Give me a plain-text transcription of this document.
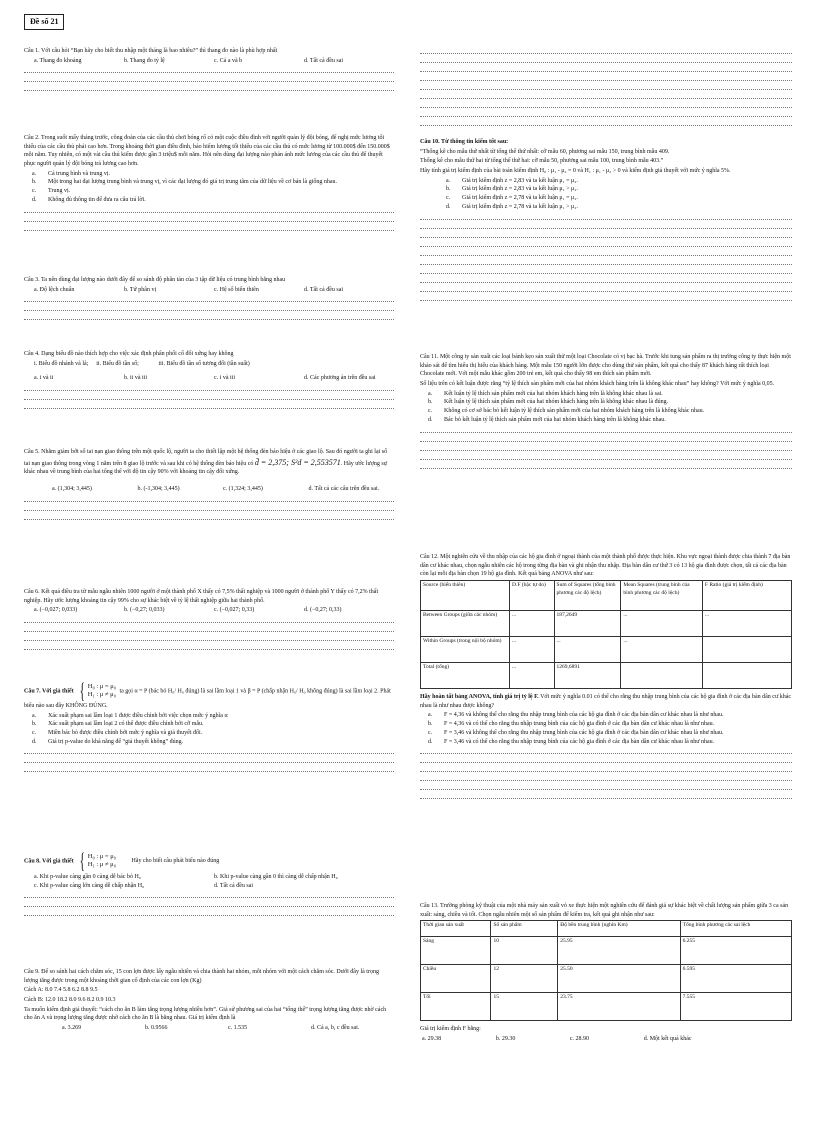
Đề số 21

Câu 1. Với câu hỏi “Bạn hãy cho biết thu nhập một tháng là bao nhiêu?” thì thang đo nào là phù hợp nhất

a. Thang đo khoảng	b. Thang đo tỷ lệ	c. Cả a và b	d. Tất cả đều sai

Câu 2. Trong suốt mấy tháng trước, công đoàn của các cầu thủ chơi bóng rổ có một cuộc điều đình với người quản lý đội bóng, để nghị mức lương tối thiểu của các cầu thủ phải cao hơn. Trong khoảng thời gian điều đình, bảo hiểm lương tối thiểu của các cầu thủ có mức lương từ 100.000$ đến 150.000$ mỗi năm. Tuy nhiên, có một vài cầu thủ kiếm được gần 3 triệu$ mỗi năm. Hỏi nên dùng đại lượng nào phản ánh mức lương của các cầu thủ để thuyết phục người quản lý đội bóng trả lương cao hơn.

a.	Cả trung bình và trung vị.
b.	Một trong hai đại lượng trung bình và trung vị, vì các đại lượng đó giá trị trung tâm của dữ liệu về cơ bản là giống nhau.
c.	Trung vị.
d.	Không đủ thông tin để đưa ra câu trả lời.

Câu 3. Ta nên dùng đại lượng nào dưới đây để so sánh độ phân tán của 3 tập dữ liệu có trung bình bằng nhau

a. Độ lệch chuẩn	b. Tứ phân vị	c. Hệ số biến thiên	d. Tất cả đều sai

Câu 4. Dạng biểu đồ nào thích hợp cho việc xác định phân phối cố đối xứng hay không

i. Biểu đồ nhánh và lá;	ii. Biểu đồ tần số;	iii. Biểu đồ tần số tương đối (tần suất)
a. i và ii	b. ii và iii	c. i và iii	d. Các phương án trên đều sai

Câu 5. Nhằm giảm bớt số tai nạn giao thông trên một quốc lộ, người ta cho thiết lập một hệ thống đèn báo hiệu ở các giao lộ. Sau đó người ta ghi lại số tai nạn giao thông trong vòng 1 năm trên 8 giao lộ trước và sau khi có hệ thống đèn báo hiệu có d̄ = 2,375; S²d = 2,553571. Hãy ước lượng sự khác nhau về trung bình của hai tổng thể với độ tin cậy 90% với khoảng tin cậy đối xứng.

a. (1,304; 3,445)	b. (-1,304; 3,445)	c. (1,324; 3,445)	d. Tất cả các câu trên đều sai.

Câu 6. Kết quả điều tra từ mẫu ngẫu nhiên 1000 người ở một thành phố X thấy có 7,5% thất nghiệp và 1000 người ở thành phố Y thấy có 7,2% thất nghiệp. Hãy ước lượng khoảng tin cậy 99% cho sự khác biệt về tỷ lệ thất nghiệp giữa hai thành phố.

a. (−0,027; 0,033)	b. (−0,27; 0,033)	c. (−0,027; 0,33)	d. (−0,27; 0,33)

Câu 7. Với giả thiết { H₀ : μ = μ₀
H₁ : μ ≠ μ₀ ta gọi α = P (bác bỏ H₀/ H₀ đúng) là sai lầm loại 1 và β = P (chấp nhận H₀/ H₀ không đúng) là sai lầm loại 2. Phát biểu nào sau đây KHÔNG ĐÚNG.

a.	Xác suất phạm sai lầm loại 1 được điều chỉnh bởi việc chọn mức ý nghĩa α
b.	Xác suất phạm sai lầm loại 2 có thể được điều chỉnh bởi cỡ mẫu.
c.	Miền bác bỏ được điều chỉnh bởi mức ý nghĩa và giả thuyết đối.
d.	Giá trị p-value do khả năng để “giả thuyết không” đúng.

Câu 8. Với giả thiết { H₀ : μ = μ₀
H₁ : μ ≠ μ₀	Hãy cho biết câu phát biểu nào đúng

a. Khi p-value càng gần 0 càng dễ bác bỏ H₀	b. Khi p-value càng gần 0 thì càng dễ chấp nhận H₀
c. Khi p-value càng lớn càng dễ chấp nhận H₀	d. Tất cả đều sai

Câu 9. Để so sánh hai cách chăm sóc, 15 con lợn được lấy ngẫu nhiên và chia thành hai nhóm, mỗi nhóm với một cách chăm sóc. Dưới đây là trọng lượng tăng được trong một khoảng thời gian cố định của các con lợn (Kg)

Cách A: 8.0 7.4 5.8 6.2 8.8 9.5

Cách B: 12.0 18.2 8.0 9.6 8.2 0.9 10.3

Ta muốn kiểm định giả thuyết: “cách cho ăn B làm tăng trọng lượng nhiều hơn”. Giả sử phương sai của hai “tổng thể” trọng lượng tăng được nhờ cách cho ăn A và trọng lượng tăng được nhờ cách cho ăn B là bằng nhau. Giá trị kiểm định là

a. 3.269	b. 0.9566	c. 1.535	d. Cả a, b, c đều sai.

Câu 10. Từ thông tin kiểm tốt sau:

“Thống kê cho mẫu thứ nhất từ tổng thể thứ nhất: cỡ mẫu 60, phương sai mẫu 150, trung bình mẫu 409.

Thống kê cho mẫu thứ hai từ tổng thể thứ hai: cỡ mẫu 50, phương sai mẫu 100, trung bình mẫu 403.”

Hãy tính giá trị kiểm định của bài toán kiểm định H₀ : μ₁ - μ₂ = 0 và H₁ : μ₁ - μ₂ > 0 và kiểm định giả thuyết với mức ý nghĩa 5%.

a.	Giá trị kiểm định z = 2,83 và ta kết luận μ₁ = μ₂.
b.	Giá trị kiểm định z = 2,83 và ta kết luận μ₁ > μ₂.
c.	Giá trị kiểm định z = 2,78 và ta kết luận μ₁ = μ₂.
d.	Giá trị kiểm định z = 2,78 và ta kết luận μ₁ > μ₂.

Câu 11. Một công ty sản xuất các loại bánh kẹo sản xuất thử một loại Chocolate có vị bạc hà. Trước khi tung sản phẩm ra thị trường công ty thực hiện một khảo sát để tìm hiểu thị hiếu của khách hàng. Một mẫu 150 người lớn được cho dùng thử sản phẩm, kết quả cho thấy 87 khách hàng rất thích loại Chocolate mới. Với một mẫu khác gồm 200 trẻ em, kết quả cho thấy 98 em thích sản phẩm mới.

Số liệu trên có kết luận được rằng “tỷ lệ thích sản phẩm mới của hai nhóm khách hàng trên là không khác nhau” hay không? Với mức ý nghĩa 0,05.

a.	Kết luận tỷ lệ thích sản phẩm mới của hai nhóm khách hàng trên là không khác nhau là sai.
b.	Kết luận tỷ lệ thích sản phẩm mới của hai nhóm khách hàng trên là không khác nhau là đúng.
c.	Không có cơ sở bác bỏ kết luận tỷ lệ thích sản phẩm mới của hai nhóm khách hàng trên là không khác nhau.
d.	Bác bỏ kết luận tỷ lệ thích sản phẩm mới của hai nhóm khách hàng trên là không khác nhau.

Câu 12. Một nghiên cứu về thu nhập của các hộ gia đình ở ngoại thành của một thành phố được thực hiện. Khu vực ngoại thành được chia thành 7 địa bàn dân cư khác nhau, chọn ngẫu nhiên các hộ trong từng địa bàn và ghi nhận thu nhập. Địa bàn dân cư thứ 3 có 13 hộ gia đình được chọn, tất cả các địa bàn còn lại mỗi địa bàn chọn 19 hộ gia đình. Kết quả bảng ANOVA như sau:

Source (biến thiên)	D.F (bậc tự do)	Sum of Squares (tổng bình phương các độ lệch)	Mean Squares (trung bình của bình phương các độ lệch)	F Ratio (giá trị kiểm định)
Between Groups (giữa các nhóm)	...	187,2649	...	...
Within Groups (trong nội bộ nhóm)	...	...	...	
Total (tổng)	...	1269,6891		

Hãy hoàn tất bảng ANOVA, tính giá trị tỷ lệ F. Với mức ý nghĩa 0.01 có thể cho rằng thu nhập trung bình của các hộ gia đình ở các địa bàn dân cư khác nhau là như nhau được không?

a.	F = 4,36 và không thể cho rằng thu nhập trung bình của các hộ gia đình ở các địa bàn dân cư khác nhau là như nhau.
b.	F = 4,36 và có thể cho rằng thu nhập trung bình của các hộ gia đình ở các địa bàn dân cư khác nhau là như nhau.
c.	F = 3,46 và không thể cho rằng thu nhập trung bình của các hộ gia đình ở các địa bàn dân cư khác nhau là như nhau.
d.	F = 3,46 và có thể cho rằng thu nhập trung bình của các hộ gia đình ở các địa bàn dân cư khác nhau là như nhau.

Câu 13. Trường phòng kỹ thuật của một nhà máy sản xuất vỏ xe thực hiện một nghiên cứu để đánh giá sự khác biệt về chất lượng sản phẩm giữa 3 ca sản xuất: sáng, chiều và tối. Chọn ngẫu nhiên một số sản phẩm để kiểm tra, kết quả ghi nhận như sau:

Thời gian sản xuất	Số sản phẩm	Độ bền trung bình (nghìn Km)	Tổng bình phương các sai lệch
Sáng	10	25.95	6.255
Chiều	12	25.50	6.595
Tối	15	23.75	7.555

Giá trị kiểm định F bằng:

a. 29.38	b. 29.30	c. 28.90	d. Một kết quả khác
